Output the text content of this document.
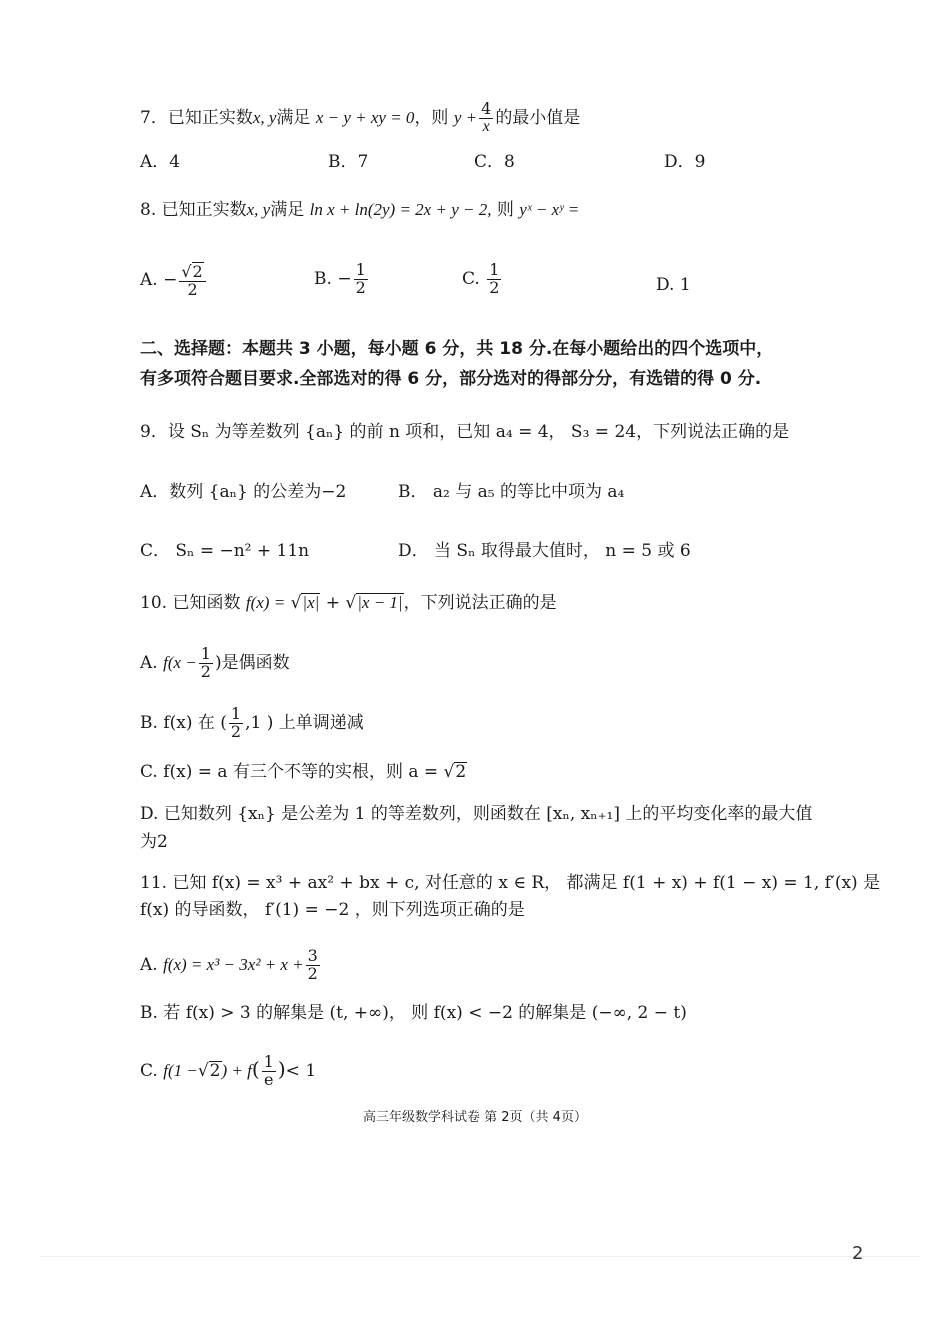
7．已知正实数x, y满足 x − y + xy = 0，则 $y + \frac{4}{x}$ 的最小值是
A．4	B．7	C．8	D．9
8. 已知正实数x, y满足 ln x + ln(2y) = 2x + y − 2, 则 yˣ − xʸ =
A. − $\frac{√2}{2}$	B. − $\frac{1}{2}$	C. $\frac{1}{2}$	D. 1
二、选择题：本题共 3 小题，每小题 6 分，共 18 分.在每小题给出的四个选项中，
有多项符合题目要求.全部选对的得 6 分，部分选对的得部分分，有选错的得 0 分.
9．设 Sₙ 为等差数列 {aₙ} 的前 n 项和，已知 a₄ = 4， S₃ = 24，下列说法正确的是
A．数列 {aₙ} 的公差为−2	B． a₂ 与 a₅ 的等比中项为 a₄
C． Sₙ = −n² + 11n	D． 当 Sₙ 取得最大值时， n = 5 或 6
10. 已知函数 f(x) = √|x| + √|x − 1|，下列说法正确的是
A. $f(x - \frac{1}{2}$ )是偶函数
B. f(x) 在 ( $\frac{1}{2} ,1$ ) 上单调递减
C. f(x) = a 有三个不等的实根，则 a = √2
D. 已知数列 {xₙ} 是公差为 1 的等差数列，则函数在 [xₙ, xₙ₊₁] 上的平均变化率的最大值
为2
11. 已知 f(x) = x³ + ax² + bx + c, 对任意的 x ∈ R， 都满足 f(1 + x) + f(1 − x) = 1, f′(x) 是
f(x) 的导函数， f′(1) = −2 ，则下列选项正确的是
A. $f(x) = x^3 - 3x^2 + x + \frac{3}{2}$
B. 若 f(x) > 3 的解集是 (t, +∞)， 则 f(x) < −2 的解集是 (−∞, 2 − t)
C. $f(1 -√2) + f( \frac{1}{e}$ )< 1
高三年级数学科试卷 第 2页（共 4页）
2
